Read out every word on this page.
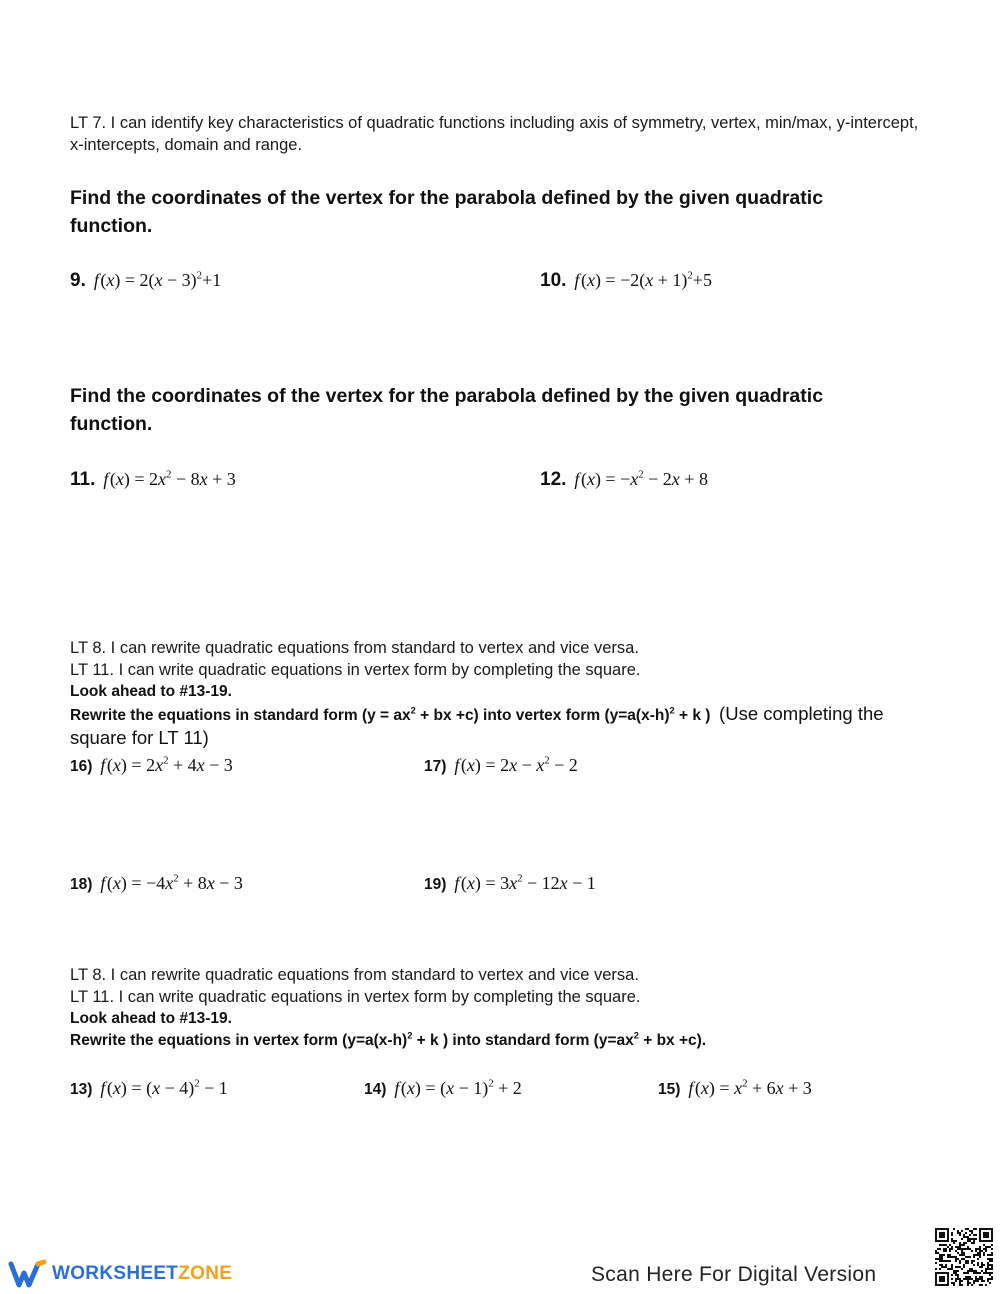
LT 7. I can identify key characteristics of quadratic functions including axis of symmetry, vertex, min/max, y-intercept, x-intercepts, domain and range.
Find the coordinates of the vertex for the parabola defined by the given quadratic function.
9. f $(x) = 2(x - 3)^2+1$	10. f $(x) = -2(x + 1)^2+5$
Find the coordinates of the vertex for the parabola defined by the given quadratic function.
11. f $(x) = 2x^2 - 8x + 3$	12. f $(x) = -x^2 - 2x + 8$
LT 8. I can rewrite quadratic equations from standard to vertex and vice versa.
LT 11. I can write quadratic equations in vertex form by completing the square.
Look ahead to #13-19.
Rewrite the equations in standard form ($y = ax^2$ + bx +c) into vertex form ($y=a(x-h)^2 + k$ )  (Use completing the square for LT 11)
16) f $(x) = 2x^2 + 4x - 3$	17) f $(x) = 2x - x^2 - 2$
18) f $(x) = -4x^2 + 8x - 3$	19) f $(x) = 3x^2 - 12x - 1$
LT 8. I can rewrite quadratic equations from standard to vertex and vice versa.
LT 11. I can write quadratic equations in vertex form by completing the square.
Look ahead to #13-19.
Rewrite the equations in vertex form ($y=a(x-h)^2 + k$ ) into standard form ($y=ax^2$ + bx +c).
13) f $(x) = (x - 4)^2 - 1$	14) f $(x) = (x - 1)^2 + 2$	15) f $(x) = x^2 + 6x + 3$
WORKSHEET ZONE	Scan Here For Digital Version
